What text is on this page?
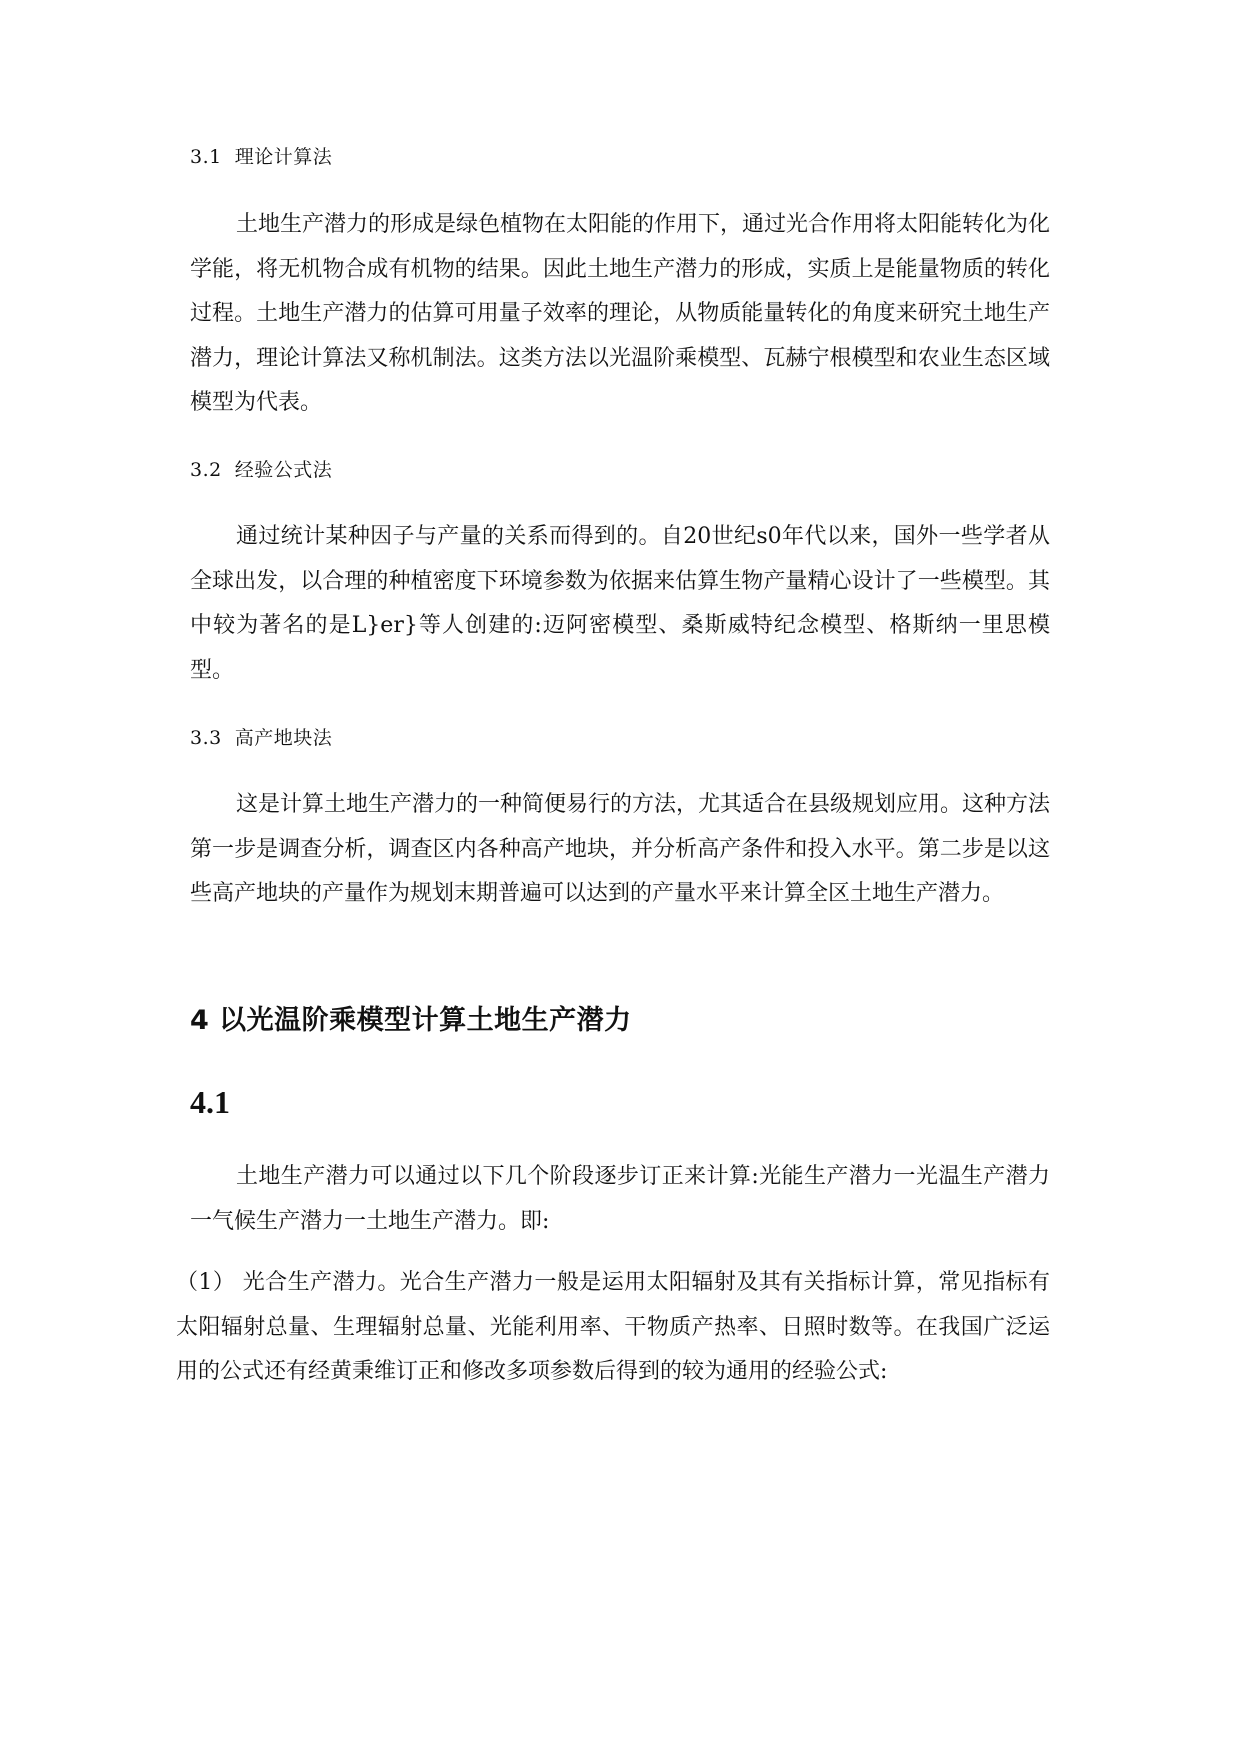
3.1  理论计算法

土地生产潜力的形成是绿色植物在太阳能的作用下，通过光合作用将太阳能转化为化学能，将无机物合成有机物的结果。因此土地生产潜力的形成，实质上是能量物质的转化过程。土地生产潜力的估算可用量子效率的理论，从物质能量转化的角度来研究土地生产潜力，理论计算法又称机制法。这类方法以光温阶乘模型、瓦赫宁根模型和农业生态区域模型为代表。

3.2  经验公式法

通过统计某种因子与产量的关系而得到的。自20世纪s0年代以来，国外一些学者从全球出发，以合理的种植密度下环境参数为依据来估算生物产量精心设计了一些模型。其中较为著名的是L}er}等人创建的:迈阿密模型、桑斯威特纪念模型、格斯纳一里思模型。

3.3  高产地块法

这是计算土地生产潜力的一种简便易行的方法，尤其适合在县级规划应用。这种方法第一步是调查分析，调查区内各种高产地块，并分析高产条件和投入水平。第二步是以这些高产地块的产量作为规划末期普遍可以达到的产量水平来计算全区土地生产潜力。

4 以光温阶乘模型计算土地生产潜力
4.1

土地生产潜力可以通过以下几个阶段逐步订正来计算:光能生产潜力一光温生产潜力一气候生产潜力一土地生产潜力。即:

（1） 光合生产潜力。光合生产潜力一般是运用太阳辐射及其有关指标计算，常见指标有太阳辐射总量、生理辐射总量、光能利用率、干物质产热率、日照时数等。在我国广泛运用的公式还有经黄秉维订正和修改多项参数后得到的较为通用的经验公式:
